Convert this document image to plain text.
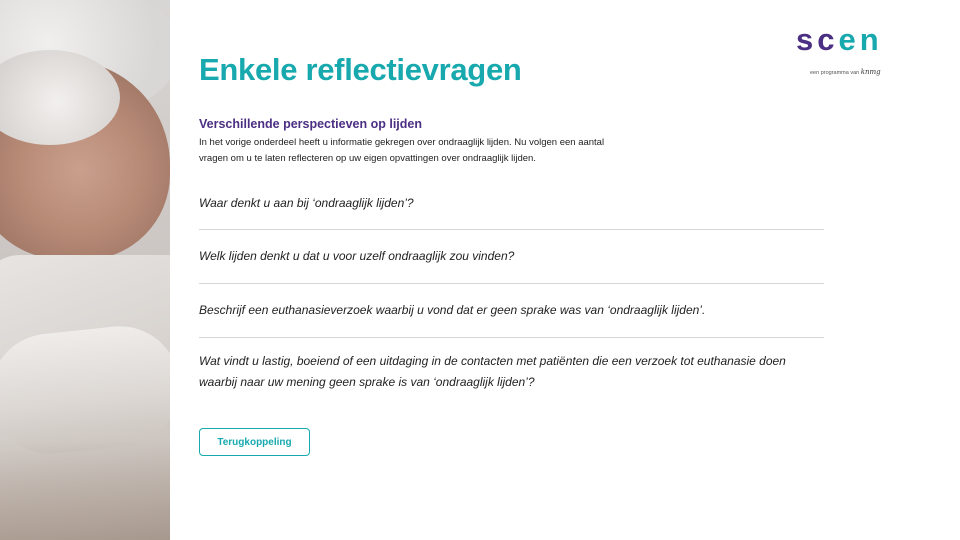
Enkele reflectievragen
scen
een programma van knmg
Verschillende perspectieven op lijden

In het vorige onderdeel heeft u informatie gekregen over ondraaglijk lijden. Nu volgen een aantal
vragen om u te laten reflecteren op uw eigen opvattingen over ondraaglijk lijden.

Waar denkt u aan bij ‘ondraaglijk lijden’?

Welk lijden denkt u dat u voor uzelf ondraaglijk zou vinden?

Beschrijf een euthanasieverzoek waarbij u vond dat er geen sprake was van ‘ondraaglijk lijden’.

Wat vindt u lastig, boeiend of een uitdaging in de contacten met patiënten die een verzoek tot euthanasie doen
waarbij naar uw mening geen sprake is van ‘ondraaglijk lijden’?

Terugkoppeling
